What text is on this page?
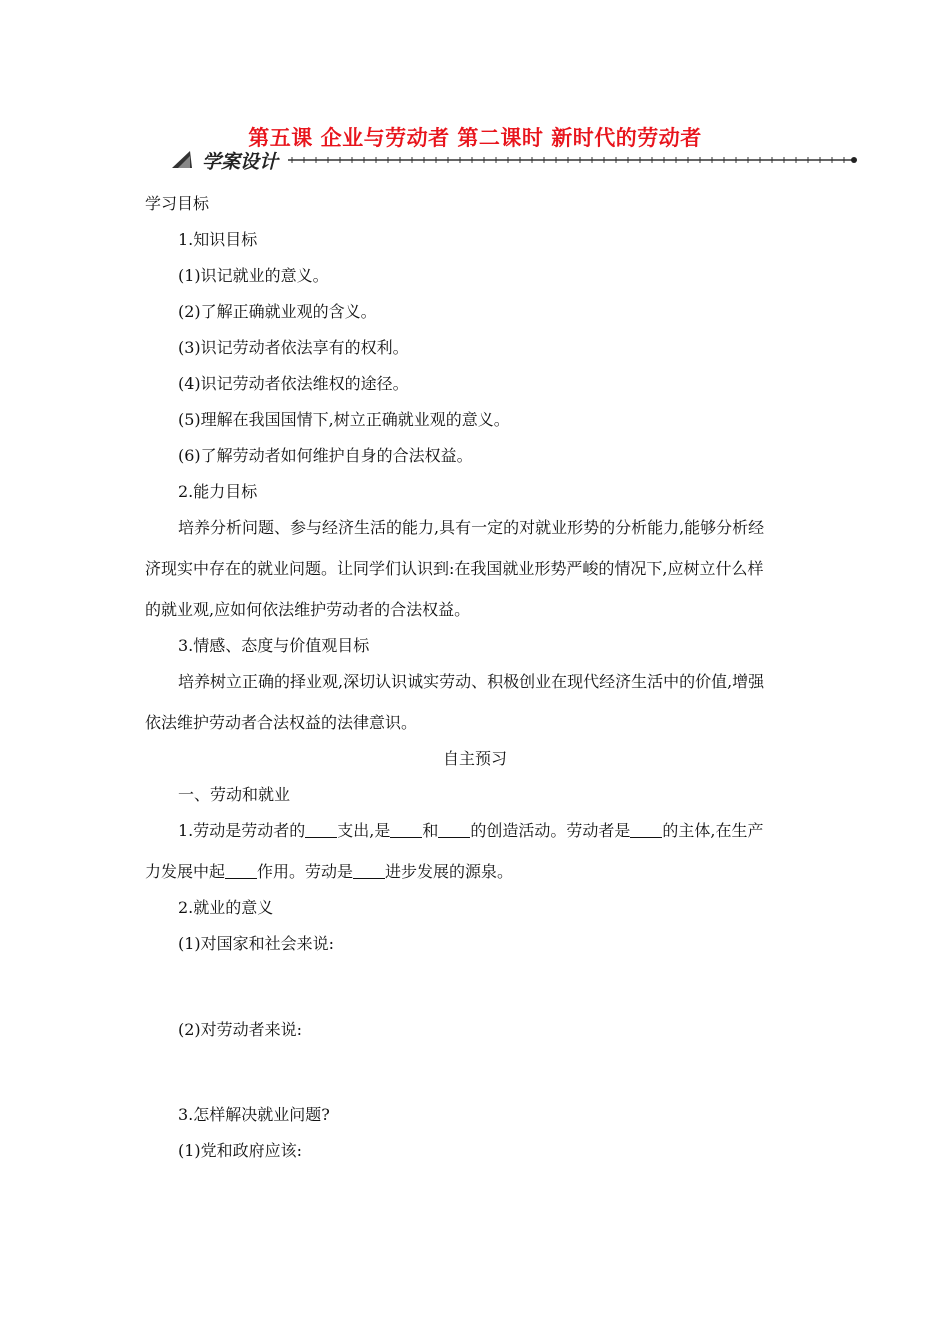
第五课 企业与劳动者 第二课时 新时代的劳动者
学案设计
学习目标
1.知识目标
(1)识记就业的意义。
(2)了解正确就业观的含义。
(3)识记劳动者依法享有的权利。
(4)识记劳动者依法维权的途径。
(5)理解在我国国情下,树立正确就业观的意义。
(6)了解劳动者如何维护自身的合法权益。
2.能力目标
培养分析问题、参与经济生活的能力,具有一定的对就业形势的分析能力,能够分析经
济现实中存在的就业问题。让同学们认识到:在我国就业形势严峻的情况下,应树立什么样
的就业观,应如何依法维护劳动者的合法权益。
3.情感、态度与价值观目标
培养树立正确的择业观,深切认识诚实劳动、积极创业在现代经济生活中的价值,增强
依法维护劳动者合法权益的法律意识。
自主预习
一、劳动和就业
1.劳动是劳动者的 支出,是 和 的创造活动。劳动者是 的主体,在生产
力发展中起 作用。劳动是 进步发展的源泉。
2.就业的意义
(1)对国家和社会来说:
(2)对劳动者来说:
3.怎样解决就业问题?
(1)党和政府应该:
